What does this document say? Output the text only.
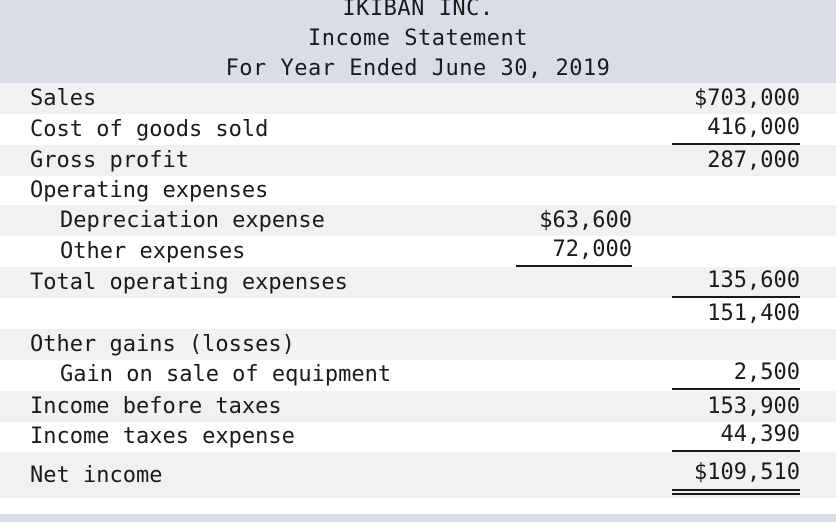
IKIBAN INC.
Income Statement
For Year Ended June 30, 2019
Sales	$703,000
Cost of goods sold	416,000
Gross profit	287,000
Operating expenses
Depreciation expense	$63,600
Other expenses	72,000
Total operating expenses	135,600
151,400
Other gains (losses)
Gain on sale of equipment	2,500
Income before taxes	153,900
Income taxes expense	44,390
Net income	$109,510
